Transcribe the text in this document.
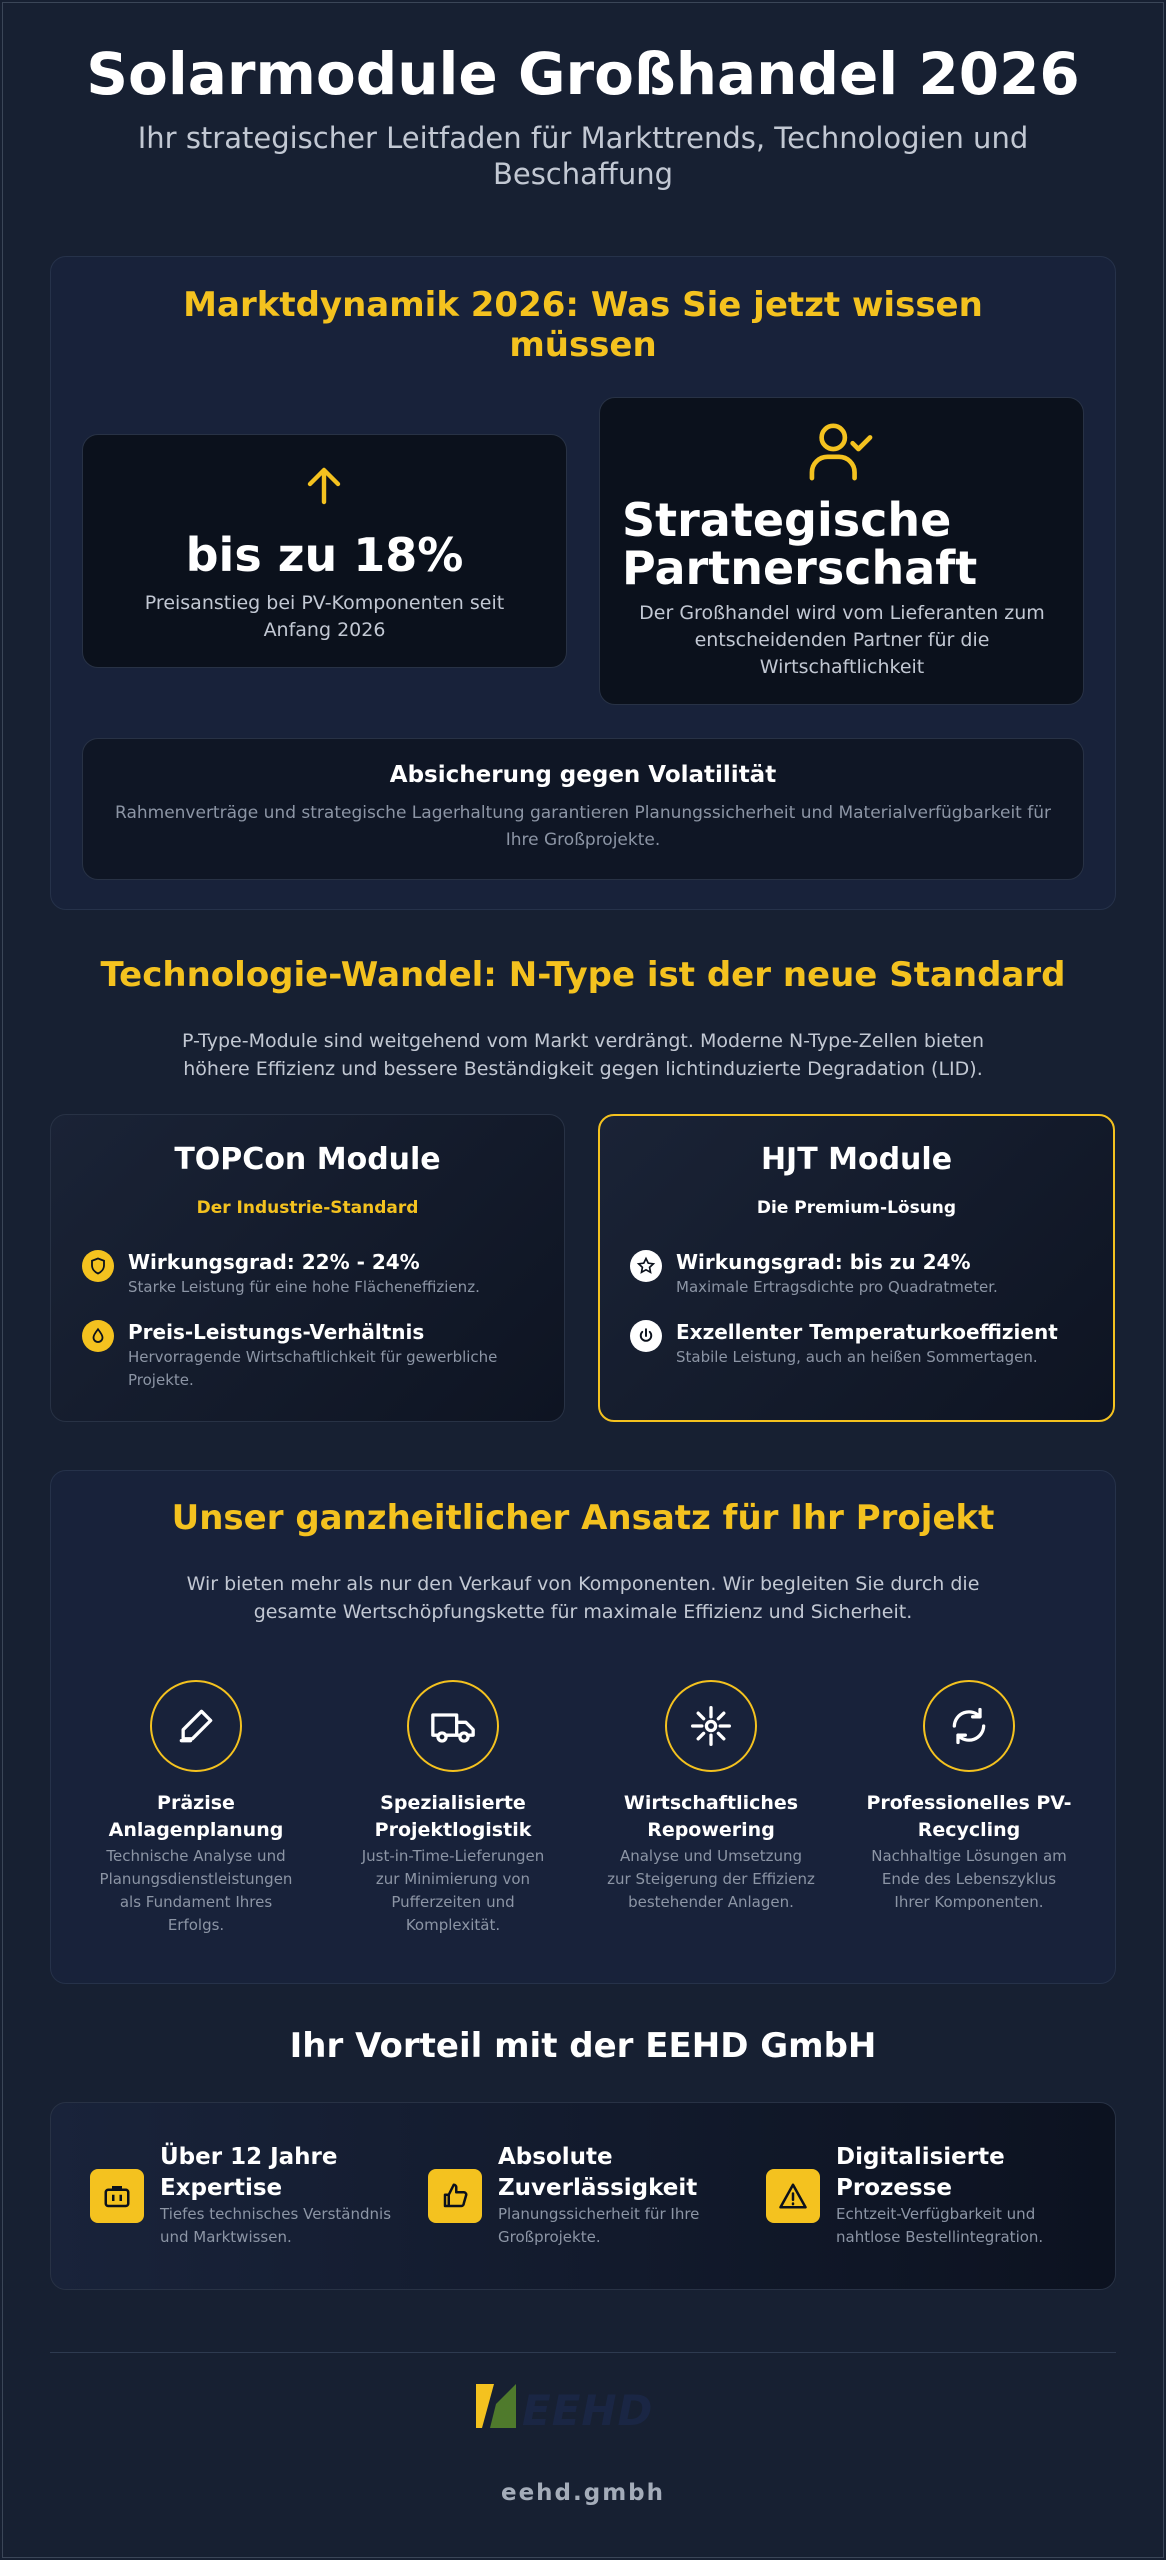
Solarmodule Großhandel 2026
Ihr strategischer Leitfaden für Markttrends, Technologien und Beschaffung
Marktdynamik 2026: Was Sie jetzt wissen müssen
bis zu 18%
Preisanstieg bei PV-Komponenten seit Anfang 2026
Strategische Partnerschaft
Der Großhandel wird vom Lieferanten zum entscheidenden Partner für die Wirtschaftlichkeit
Absicherung gegen Volatilität
Rahmenverträge und strategische Lagerhaltung garantieren Planungssicherheit und Materialverfügbarkeit für Ihre Großprojekte.
Technologie-Wandel: N-Type ist der neue Standard
P-Type-Module sind weitgehend vom Markt verdrängt. Moderne N-Type-Zellen bieten höhere Effizienz und bessere Beständigkeit gegen lichtinduzierte Degradation (LID).
TOPCon Module
Der Industrie-Standard
Wirkungsgrad: 22% - 24%
Starke Leistung für eine hohe Flächeneffizienz.
Preis-Leistungs-Verhältnis
Hervorragende Wirtschaftlichkeit für gewerbliche Projekte.
HJT Module
Die Premium-Lösung
Wirkungsgrad: bis zu 24%
Maximale Ertragsdichte pro Quadratmeter.
Exzellenter Temperaturkoeffizient
Stabile Leistung, auch an heißen Sommertagen.
Unser ganzheitlicher Ansatz für Ihr Projekt
Wir bieten mehr als nur den Verkauf von Komponenten. Wir begleiten Sie durch die gesamte Wertschöpfungskette für maximale Effizienz und Sicherheit.
Präzise Anlagenplanung
Technische Analyse und Planungsdienstleistungen als Fundament Ihres Erfolgs.
Spezialisierte Projektlogistik
Just-in-Time-Lieferungen zur Minimierung von Pufferzeiten und Komplexität.
Wirtschaftliches Repowering
Analyse und Umsetzung zur Steigerung der Effizienz bestehender Anlagen.
Professionelles PV-Recycling
Nachhaltige Lösungen am Ende des Lebenszyklus Ihrer Komponenten.
Ihr Vorteil mit der EEHD GmbH
Über 12 Jahre Expertise
Tiefes technisches Verständnis und Marktwissen.
Absolute Zuverlässigkeit
Planungssicherheit für Ihre Großprojekte.
Digitalisierte Prozesse
Echtzeit-Verfügbarkeit und nahtlose Bestellintegration.
EEHD
eehd.gmbh
